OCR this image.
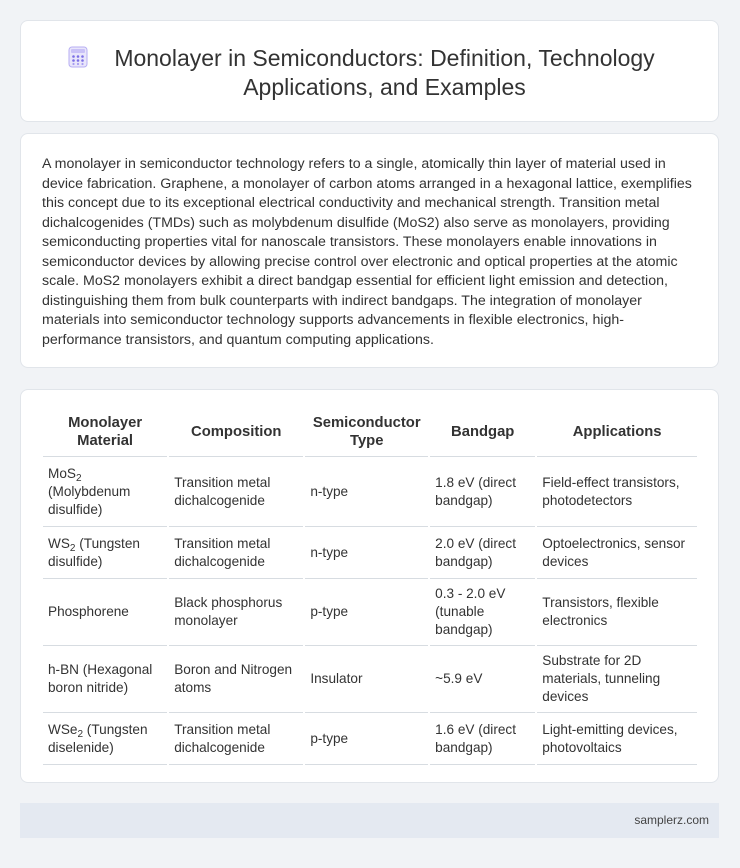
Monolayer in Semiconductors: Definition, Technology
Applications, and Examples

A monolayer in semiconductor technology refers to a single, atomically thin layer of material used in device fabrication. Graphene, a monolayer of carbon atoms arranged in a hexagonal lattice, exemplifies this concept due to its exceptional electrical conductivity and mechanical strength. Transition metal dichalcogenides (TMDs) such as molybdenum disulfide (MoS2) also serve as monolayers, providing semiconducting properties vital for nanoscale transistors. These monolayers enable innovations in semiconductor devices by allowing precise control over electronic and optical properties at the atomic scale. MoS2 monolayers exhibit a direct bandgap essential for efficient light emission and detection, distinguishing them from bulk counterparts with indirect bandgaps. The integration of monolayer materials into semiconductor technology supports advancements in flexible electronics, high-performance transistors, and quantum computing applications.

Monolayer Material	Composition	Semiconductor Type	Bandgap	Applications
MoS$_2$ (Molybdenum disulfide)	Transition metal dichalcogenide	n-type	1.8 eV (direct bandgap)	Field-effect transistors, photodetectors
$WS_2$ (Tungsten disulfide)	Transition metal dichalcogenide	n-type	2.0 eV (direct bandgap)	Optoelectronics, sensor devices
Phosphorene	Black phosphorus monolayer	p-type	0.3 - 2.0 eV (tunable bandgap)	Transistors, flexible electronics
h-BN (Hexagonal boron nitride)	Boron and Nitrogen atoms	Insulator	~5.9 eV	Substrate for 2D materials, tunneling devices
WSe$_2$ (Tungsten diselenide)	Transition metal dichalcogenide	p-type	1.6 eV (direct bandgap)	Light-emitting devices, photovoltaics
samplerz.com
